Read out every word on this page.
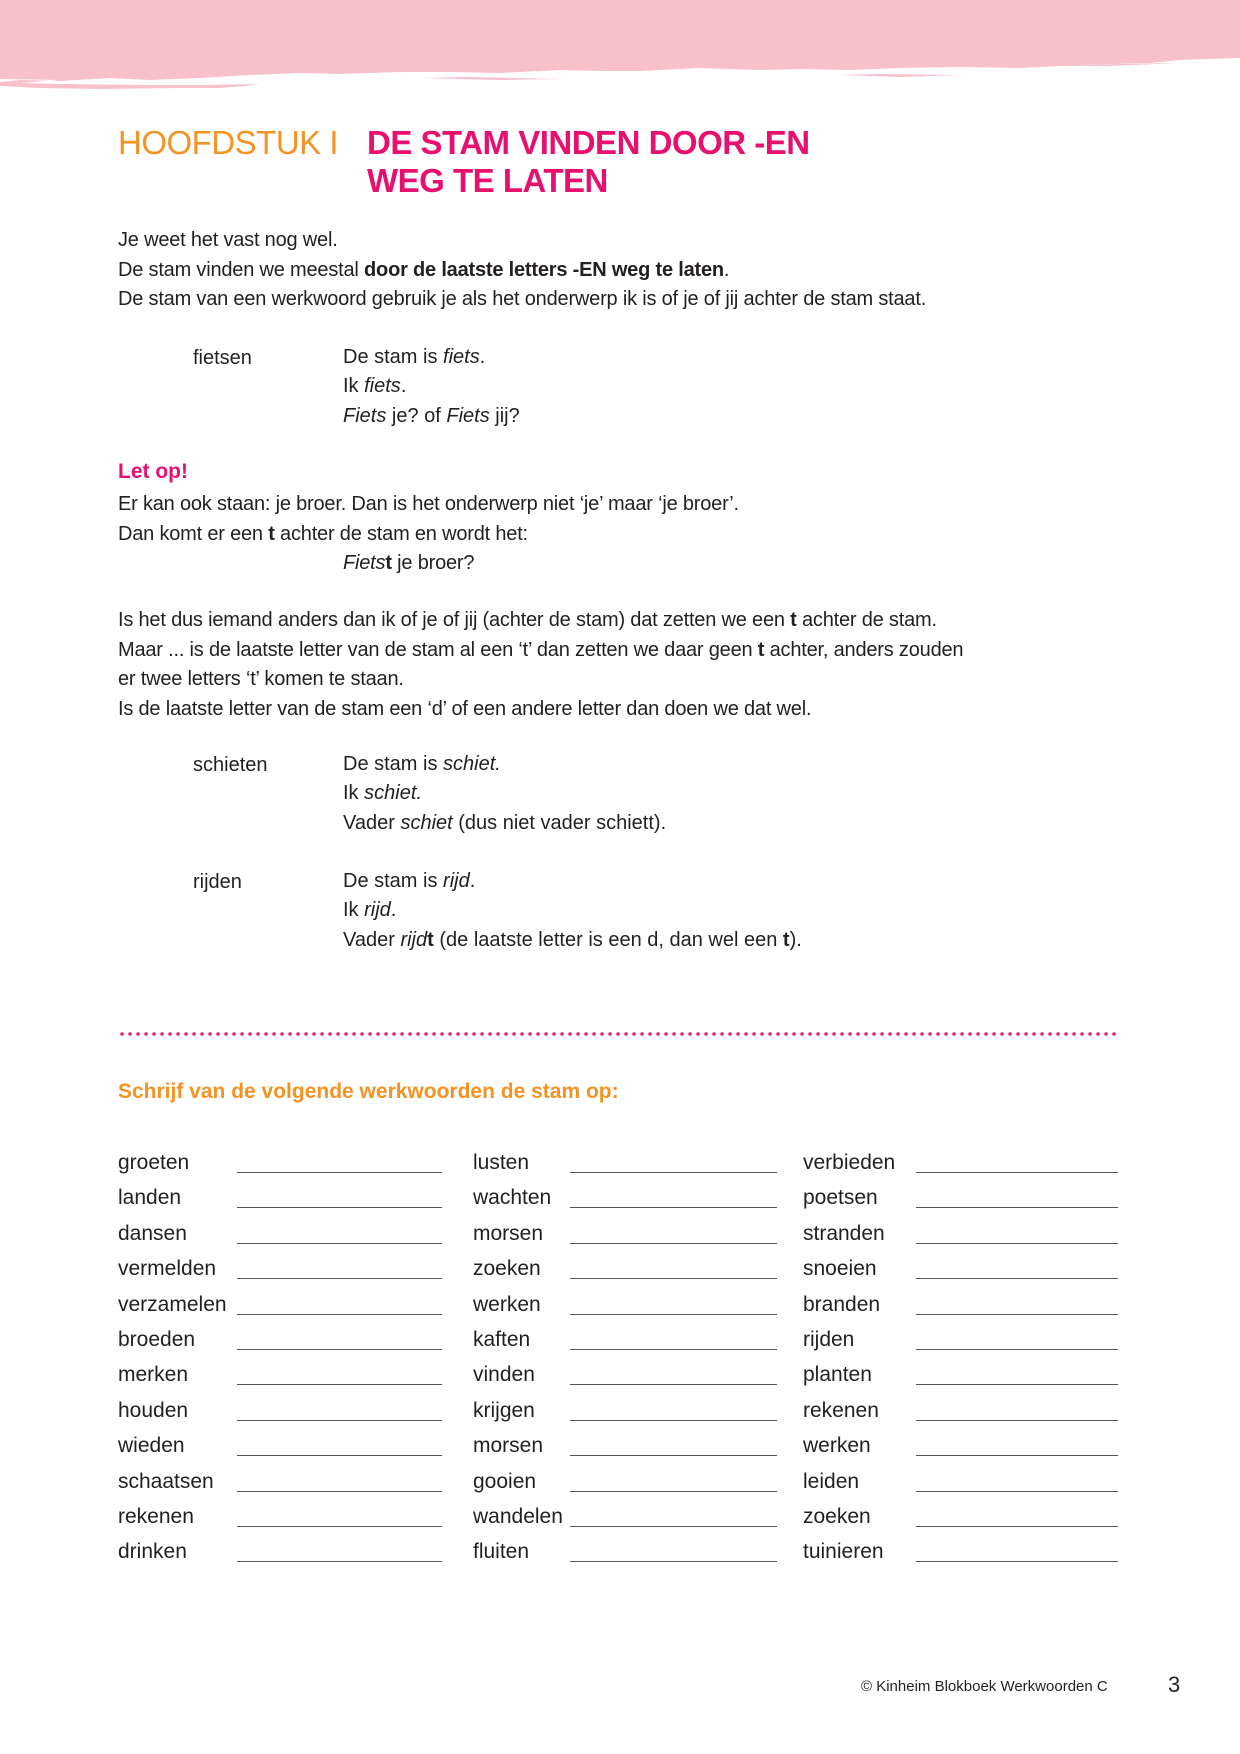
HOOFDSTUK I DE STAM VINDEN DOOR -EN
WEG TE LATEN
Je weet het vast nog wel.
De stam vinden we meestal door de laatste letters -EN weg te laten.
De stam van een werkwoord gebruik je als het onderwerp ik is of je of jij achter de stam staat.
fietsen	De stam is fiets.
Ik fiets.
Fiets je? of Fiets jij?
Let op!
Er kan ook staan: je broer. Dan is het onderwerp niet ‘je’ maar ‘je broer’.
Dan komt er een t achter de stam en wordt het:
Fietst je broer?
Is het dus iemand anders dan ik of je of jij (achter de stam) dat zetten we een t achter de stam.
Maar ... is de laatste letter van de stam al een ‘t’ dan zetten we daar geen t achter, anders zouden
er twee letters ‘t’ komen te staan.
Is de laatste letter van de stam een ‘d’ of een andere letter dan doen we dat wel.
schieten	De stam is schiet.
Ik schiet.
Vader schiet (dus niet vader schiett).
rijden	De stam is rijd.
Ik rijd.
Vader rijdt (de laatste letter is een d, dan wel een t).
Schrijf van de volgende werkwoorden de stam op:
groeten	lusten	verbieden
landen	wachten	poetsen
dansen	morsen	stranden
vermelden	zoeken	snoeien
verzamelen	werken	branden
broeden	kaften	rijden
merken	vinden	planten
houden	krijgen	rekenen
wieden	morsen	werken
schaatsen	gooien	leiden
rekenen	wandelen	zoeken
drinken	fluiten	tuinieren
© Kinheim Blokboek Werkwoorden C	3
